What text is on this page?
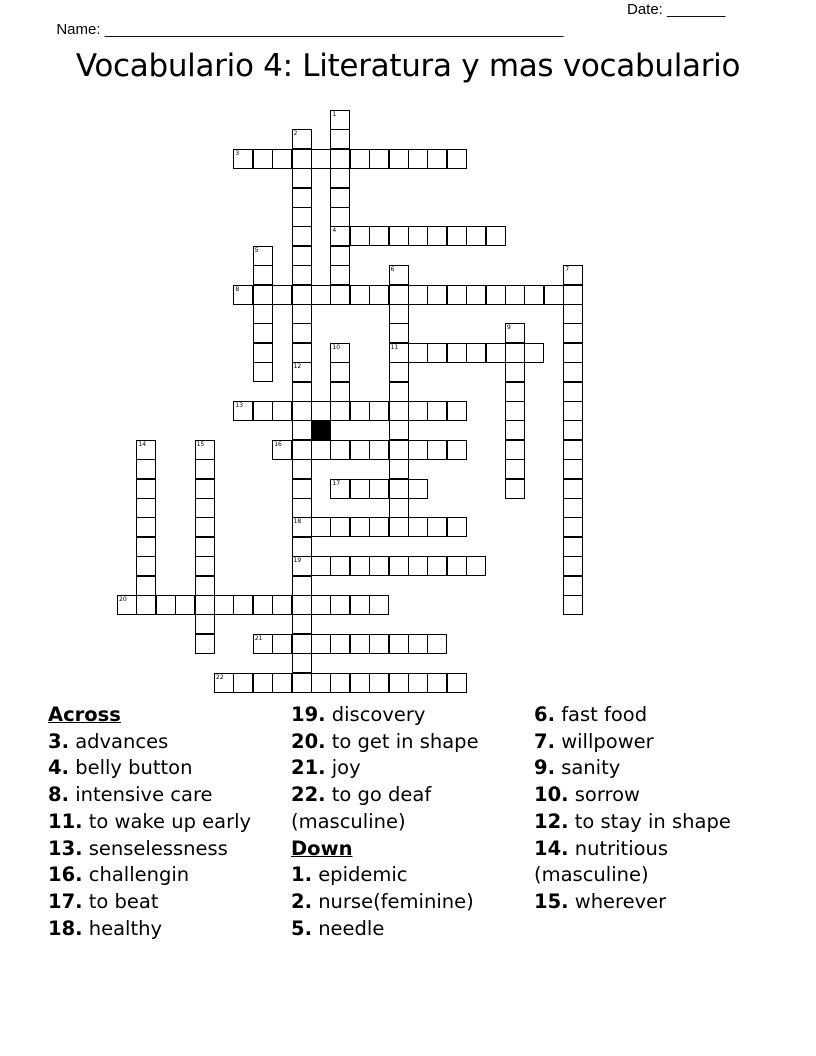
Name: _______________________________________________________

Date: _______

Vocabulario 4: Literatura y mas vocabulario
1
4
2
3
5
6
11
7
8
9
10
12
18
19
13
14	15	16
17
20
21
22
Across
3. advances
4. belly button
8. intensive care
11. to wake up early
13. senselessness
16. challengin
17. to beat
18. healthy
19. discovery
20. to get in shape
21. joy
22. to go deaf
(masculine)
Down
1. epidemic
2. nurse(feminine)
5. needle
6. fast food
7. willpower
9. sanity
10. sorrow
12. to stay in shape
14. nutritious
(masculine)
15. wherever
